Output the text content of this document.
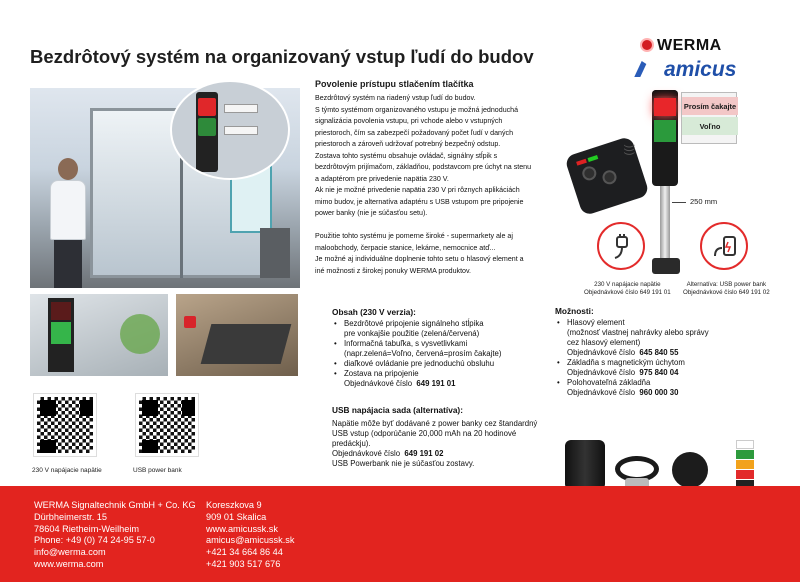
Bezdrôtový systém na organizovaný vstup ľudí do budov
WERMA
amicus
230 V napájacie napätie	USB power bank
Povolenie prístupu stlačením tlačítka
Bezdrôtový systém na riadený vstup ľudí do budov.
S týmto systémom organizovaného vstupu je možná jednoduchá
signalizácia povolenia vstupu, pri vchode alebo v vstupných
priestoroch, čím sa zabezpečí požadovaný počet ľudí v daných
priestoroch a zároveň udržovať potrebný bezpečný odstup.
Zostava tohto systému obsahuje ovládač, signálny stĺpik s
bezdrôtovým prijímačom, základňou, podstavcom pre úchyt na stenu
a adaptérom pre privedenie napätia 230 V.
Ak nie je možné privedenie napätia 230 V pri rôznych aplikáciách
mimo budov, je alternatíva adaptéru s USB vstupom pre pripojenie
power banky (nie je súčasťou setu).
Použitie tohto systému je pomerne široké - supermarkety ale aj
maloobchody, čerpacie stanice, lekárne, nemocnice atď...
Je možné aj individuálne doplnenie tohto setu o hlasový element a
iné možnosti z širokej ponuky WERMA produktov.
)))
Prosím čakajte
Voľno
250 mm
230 V napájacie napätie
Objednávkové číslo 649 191 01
Alternatíva: USB power bank
Objednávkové číslo 649 191 02
Obsah (230 V verzia):
• Bezdrôtové pripojenie signálneho stĺpika
pre vonkajšie použitie (zelená/červená)
• Informačná tabuľka, s vysvetlivkami
(napr.zelená=Voľno, červená=prosím čakajte)
• diaľkové ovládanie pre jednoduchú obsluhu
• Zostava na pripojenie
Objednávkové číslo 649 191 01
USB napájacia sada (alternatíva):

Napätie môže byť dodávané z power banky cez štandardný

USB vstup (odporúčanie 20,000 mAh na 20 hodinové

predáckju).

Objednávkové číslo 649 191 02

USB Powerbank nie je súčasťou zostavy.

Možnosti:
• Hlasový element
(možnosť vlastnej nahrávky alebo správy
cez hlasový element)
Objednávkové číslo 645 840 55
• Základňa s magnetickým úchytom
Objednávkové číslo 975 840 04
• Polohovateľná základňa
Objednávkové číslo 960 000 30
WERMA Signaltechnik GmbH + Co. KG
Dürbheimerstr. 15
78604 Rietheim-Weilheim
Phone: +49 (0) 74 24-95 57-0
info@werma.com
www.werma.com
Koreszkova 9
909 01 Skalica
www.amicussk.sk
amicus@amicussk.sk
+421 34 664 86 44
+421 903 517 676
